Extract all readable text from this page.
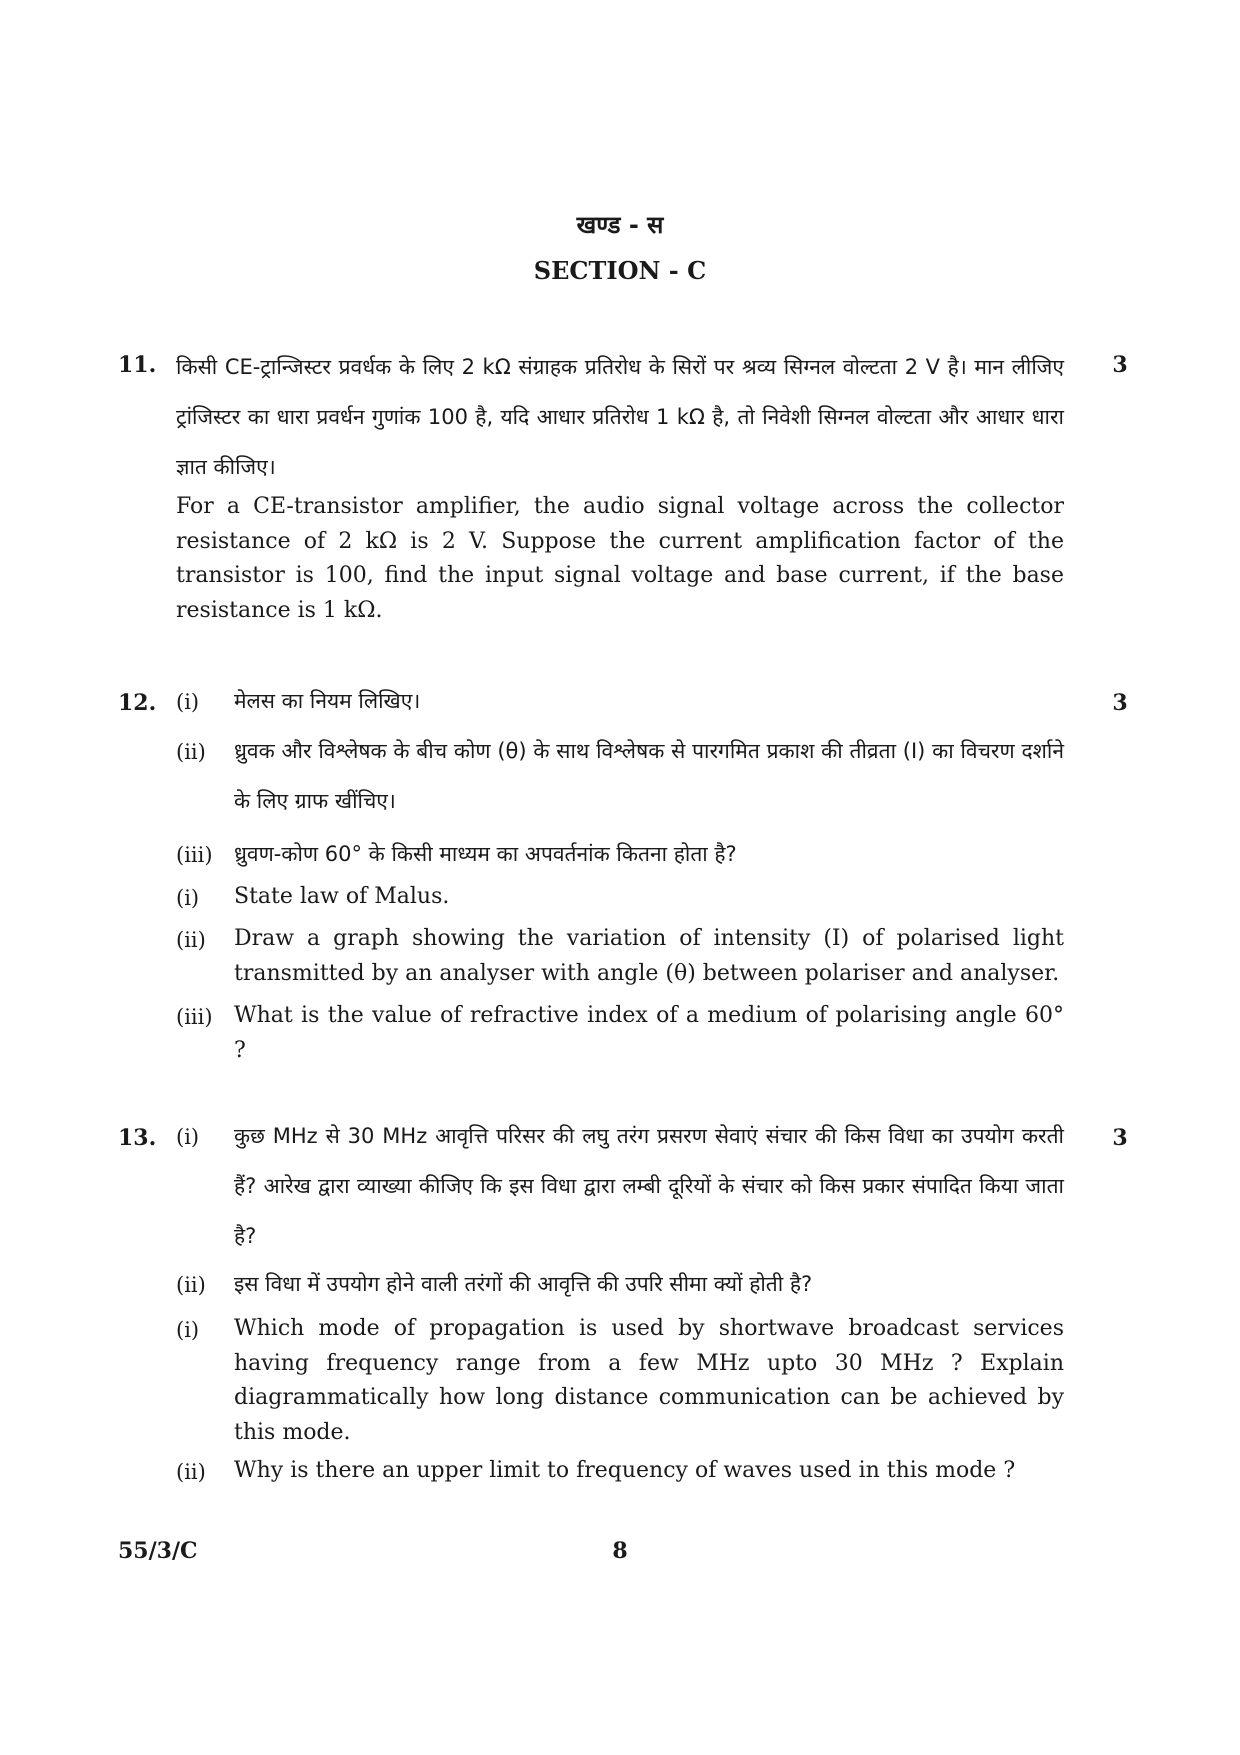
खण्ड - स
SECTION - C
11.	3
किसी CE-ट्रान्जिस्टर प्रवर्धक के लिए 2 kΩ संग्राहक प्रतिरोध के सिरों पर श्रव्य सिग्नल वोल्टता 2 V है। मान लीजिए ट्रांजिस्टर का धारा प्रवर्धन गुणांक 100 है, यदि आधार प्रतिरोध 1 kΩ है, तो निवेशी सिग्नल वोल्टता और आधार धारा ज्ञात कीजिए।
For a CE-transistor amplifier, the audio signal voltage across the collector resistance of 2 kΩ is 2 V. Suppose the current amplification factor of the transistor is 100, find the input signal voltage and base current, if the base resistance is 1 kΩ.
12.	3
(i)	मेलस का नियम लिखिए।
(ii)	ध्रुवक और विश्लेषक के बीच कोण (θ) के साथ विश्लेषक से पारगमित प्रकाश की तीव्रता (I) का विचरण दर्शाने के लिए ग्राफ खींचिए।
(iii)	ध्रुवण-कोण 60° के किसी माध्यम का अपवर्तनांक कितना होता है?
(i)	State law of Malus.
(ii)	Draw a graph showing the variation of intensity (I) of polarised light transmitted by an analyser with angle (θ) between polariser and analyser.
(iii) What is the value of refractive index of a medium of polarising angle 60° ?
13.	3
(i)	कुछ MHz से 30 MHz आवृत्ति परिसर की लघु तरंग प्रसरण सेवाएं संचार की किस विधा का उपयोग करती हैं? आरेख द्वारा व्याख्या कीजिए कि इस विधा द्वारा लम्बी दूरियों के संचार को किस प्रकार संपादित किया जाता है?
(ii)	इस विधा में उपयोग होने वाली तरंगों की आवृत्ति की उपरि सीमा क्यों होती है?
(i)	Which mode of propagation is used by shortwave broadcast services having frequency range from a few MHz upto 30 MHz ? Explain diagrammatically how long distance communication can be achieved by this mode.
(ii)	Why is there an upper limit to frequency of waves used in this mode ?
55/3/C	8
